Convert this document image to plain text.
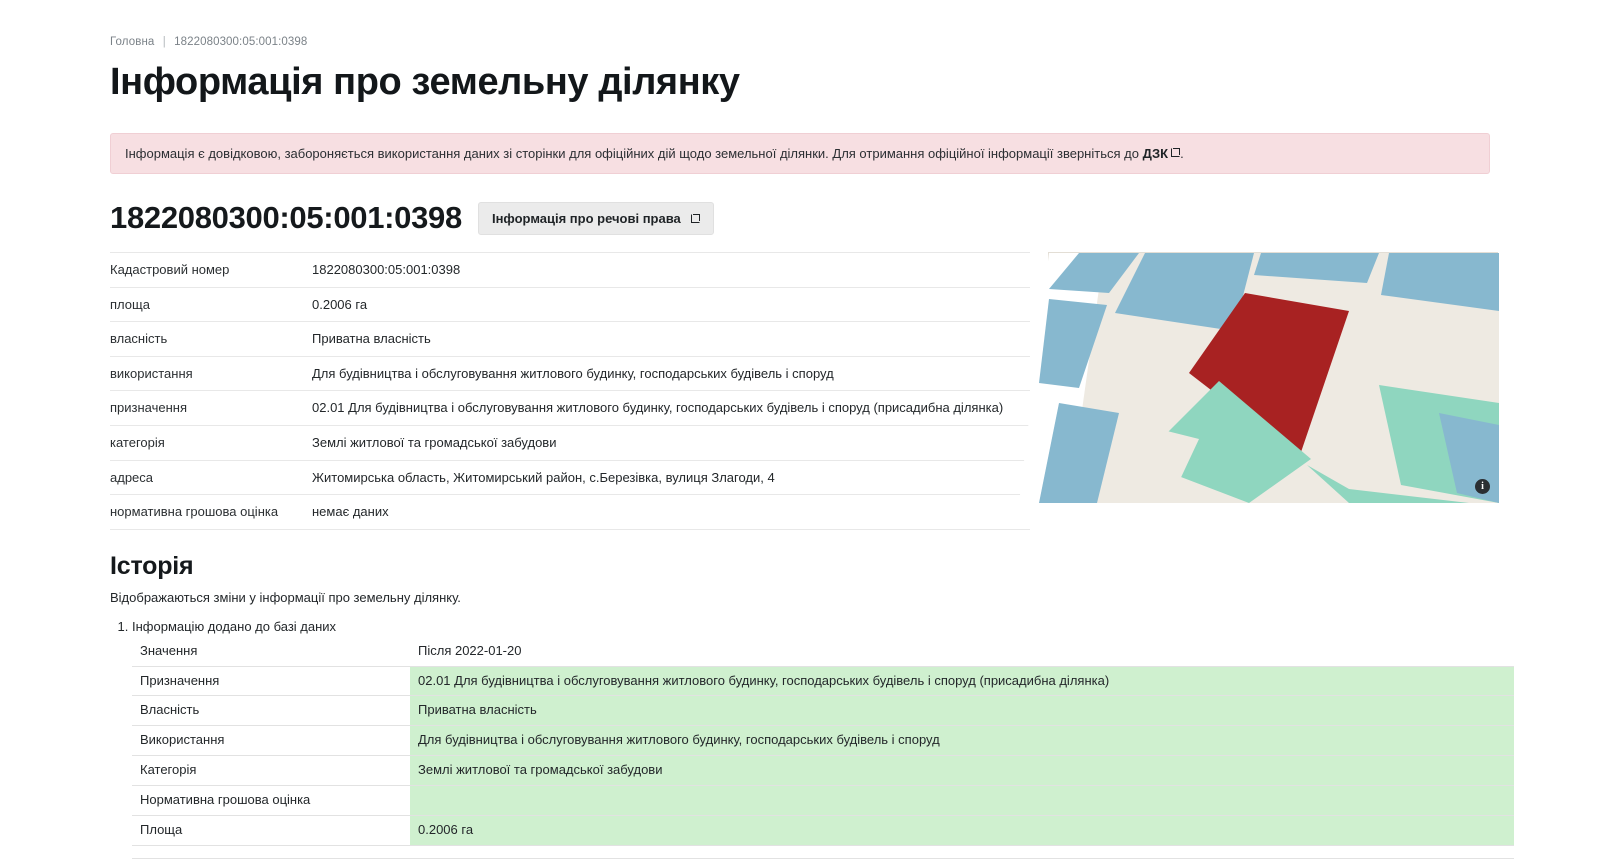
Головна | 1822080300:05:001:0398
Інформація про земельну ділянку
Інформація є довідковою, забороняється використання даних зі сторінки для офіційних дій щодо земельної ділянки. Для отримання офіційної інформації зверніться до ДЗК .
1822080300:05:001:0398 Інформація про речові права
Кадастровий номер	1822080300:05:001:0398
площа	0.2006 га
власність	Приватна власність
використання	Для будівництва і обслуговування житлового будинку, господарських будівель і споруд
призначення	02.01 Для будівництва і обслуговування житлового будинку, господарських будівель і споруд (присадибна ділянка)
категорія	Землі житлової та громадської забудови
адреса	Житомирська область, Житомирський район, с.Березівка, вулиця Злагоди, 4
нормативна грошова оцінка	немає даних
i
Історія
Відображаються зміни у інформації про земельну ділянку.
1. Інформацію додано до базі даних
Значення	Після 2022-01-20
Призначення	02.01 Для будівництва і обслуговування житлового будинку, господарських будівель і споруд (присадибна ділянка)
Власність	Приватна власність
Використання	Для будівництва і обслуговування житлового будинку, господарських будівель і споруд
Категорія	Землі житлової та громадської забудови
Нормативна грошова оцінка	
Площа	0.2006 га
